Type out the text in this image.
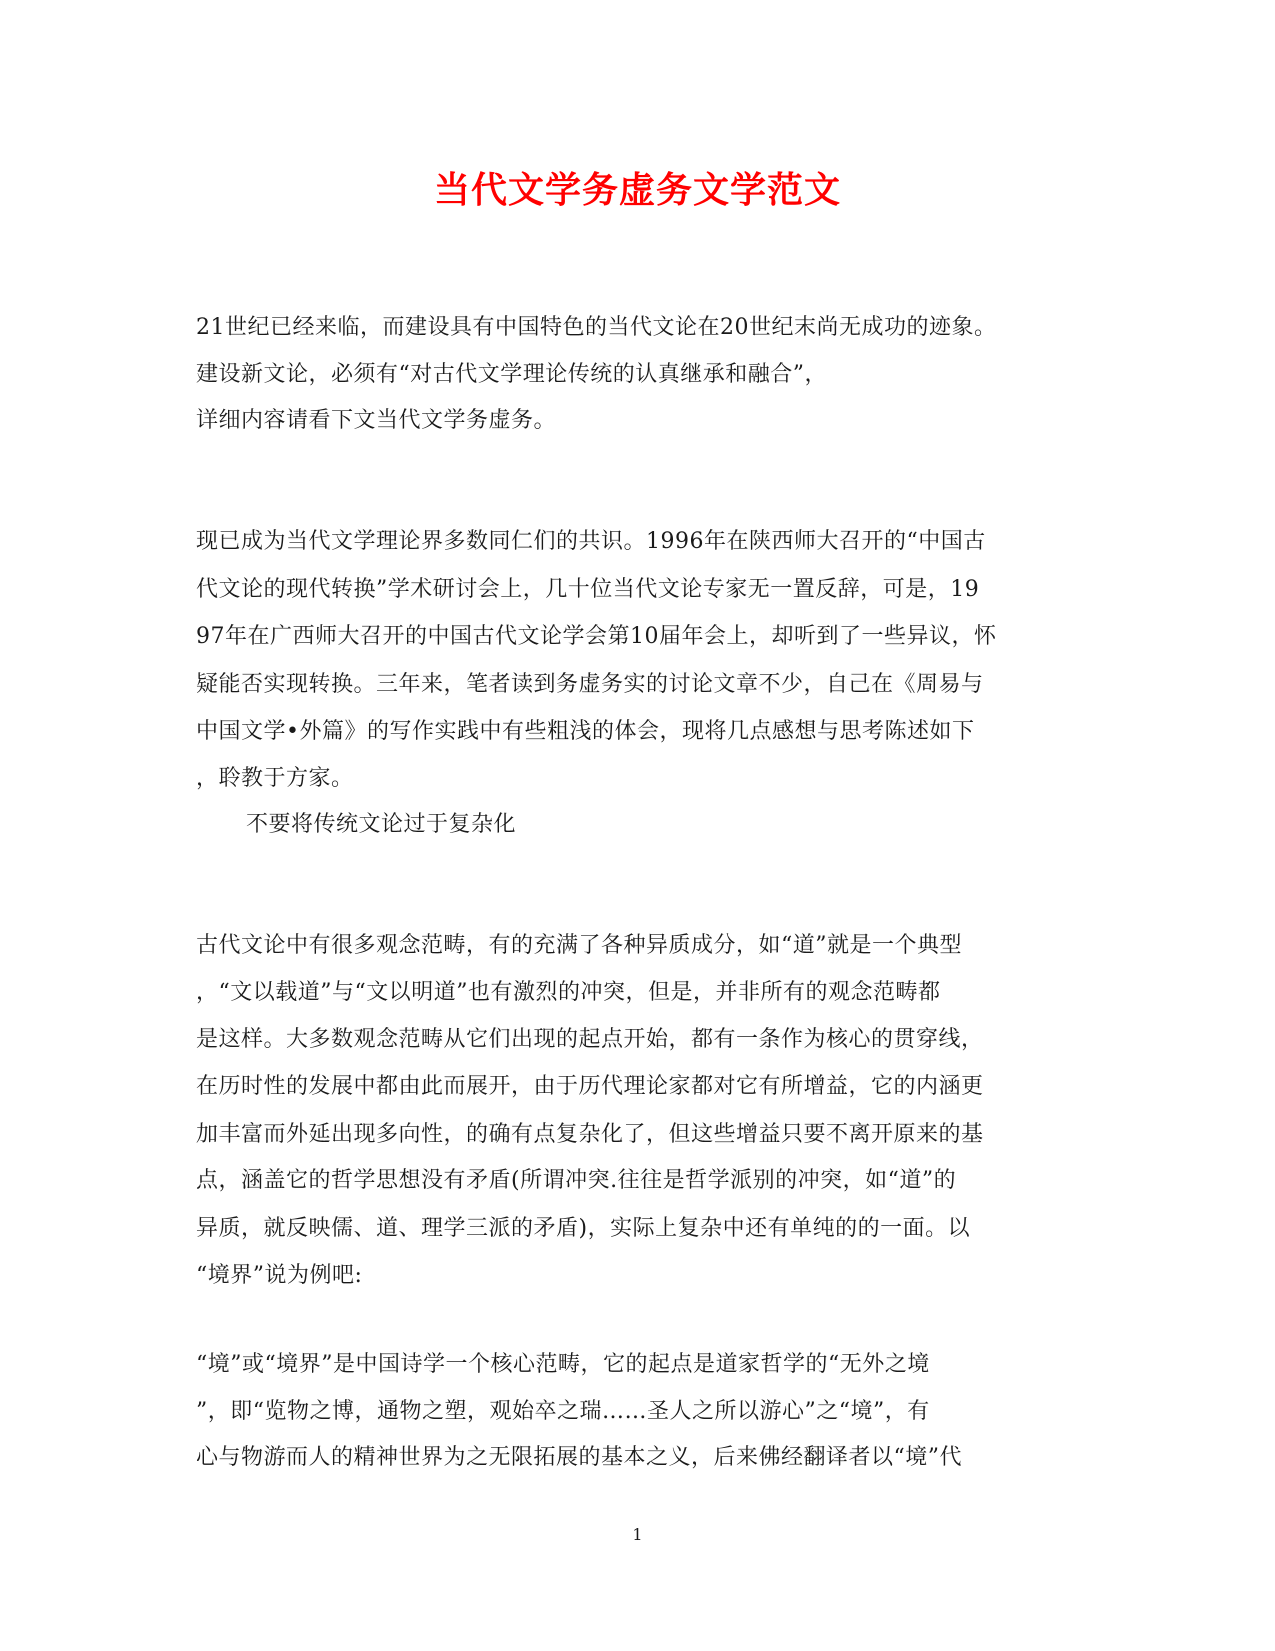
当代文学务虚务文学范文
21世纪已经来临，而建设具有中国特色的当代文论在20世纪末尚无成功的迹象。
建设新文论，必须有“对古代文学理论传统的认真继承和融合”，
详细内容请看下文当代文学务虚务。
现已成为当代文学理论界多数同仁们的共识。1996年在陕西师大召开的“中国古
代文论的现代转换”学术研讨会上，几十位当代文论专家无一置反辞，可是，19
97年在广西师大召开的中国古代文论学会第10届年会上，却听到了一些异议，怀
疑能否实现转换。三年来，笔者读到务虚务实的讨论文章不少，自己在《周易与
中国文学•外篇》的写作实践中有些粗浅的体会，现将几点感想与思考陈述如下
，聆教于方家。
不要将传统文论过于复杂化
古代文论中有很多观念范畴，有的充满了各种异质成分，如“道”就是一个典型
，“文以载道”与“文以明道”也有激烈的冲突，但是，并非所有的观念范畴都
是这样。大多数观念范畴从它们出现的起点开始，都有一条作为核心的贯穿线，
在历时性的发展中都由此而展开，由于历代理论家都对它有所增益，它的内涵更
加丰富而外延出现多向性，的确有点复杂化了，但这些增益只要不离开原来的基
点，涵盖它的哲学思想没有矛盾(所谓冲突.往往是哲学派别的冲突，如“道”的
异质，就反映儒、道、理学三派的矛盾)，实际上复杂中还有单纯的的一面。以
“境界”说为例吧:
“境”或“境界”是中国诗学一个核心范畴，它的起点是道家哲学的“无外之境
”，即“览物之博，通物之塑，观始卒之瑞……圣人之所以游心”之“境”，有
心与物游而人的精神世界为之无限拓展的基本之义，后来佛经翻译者以“境”代
1
